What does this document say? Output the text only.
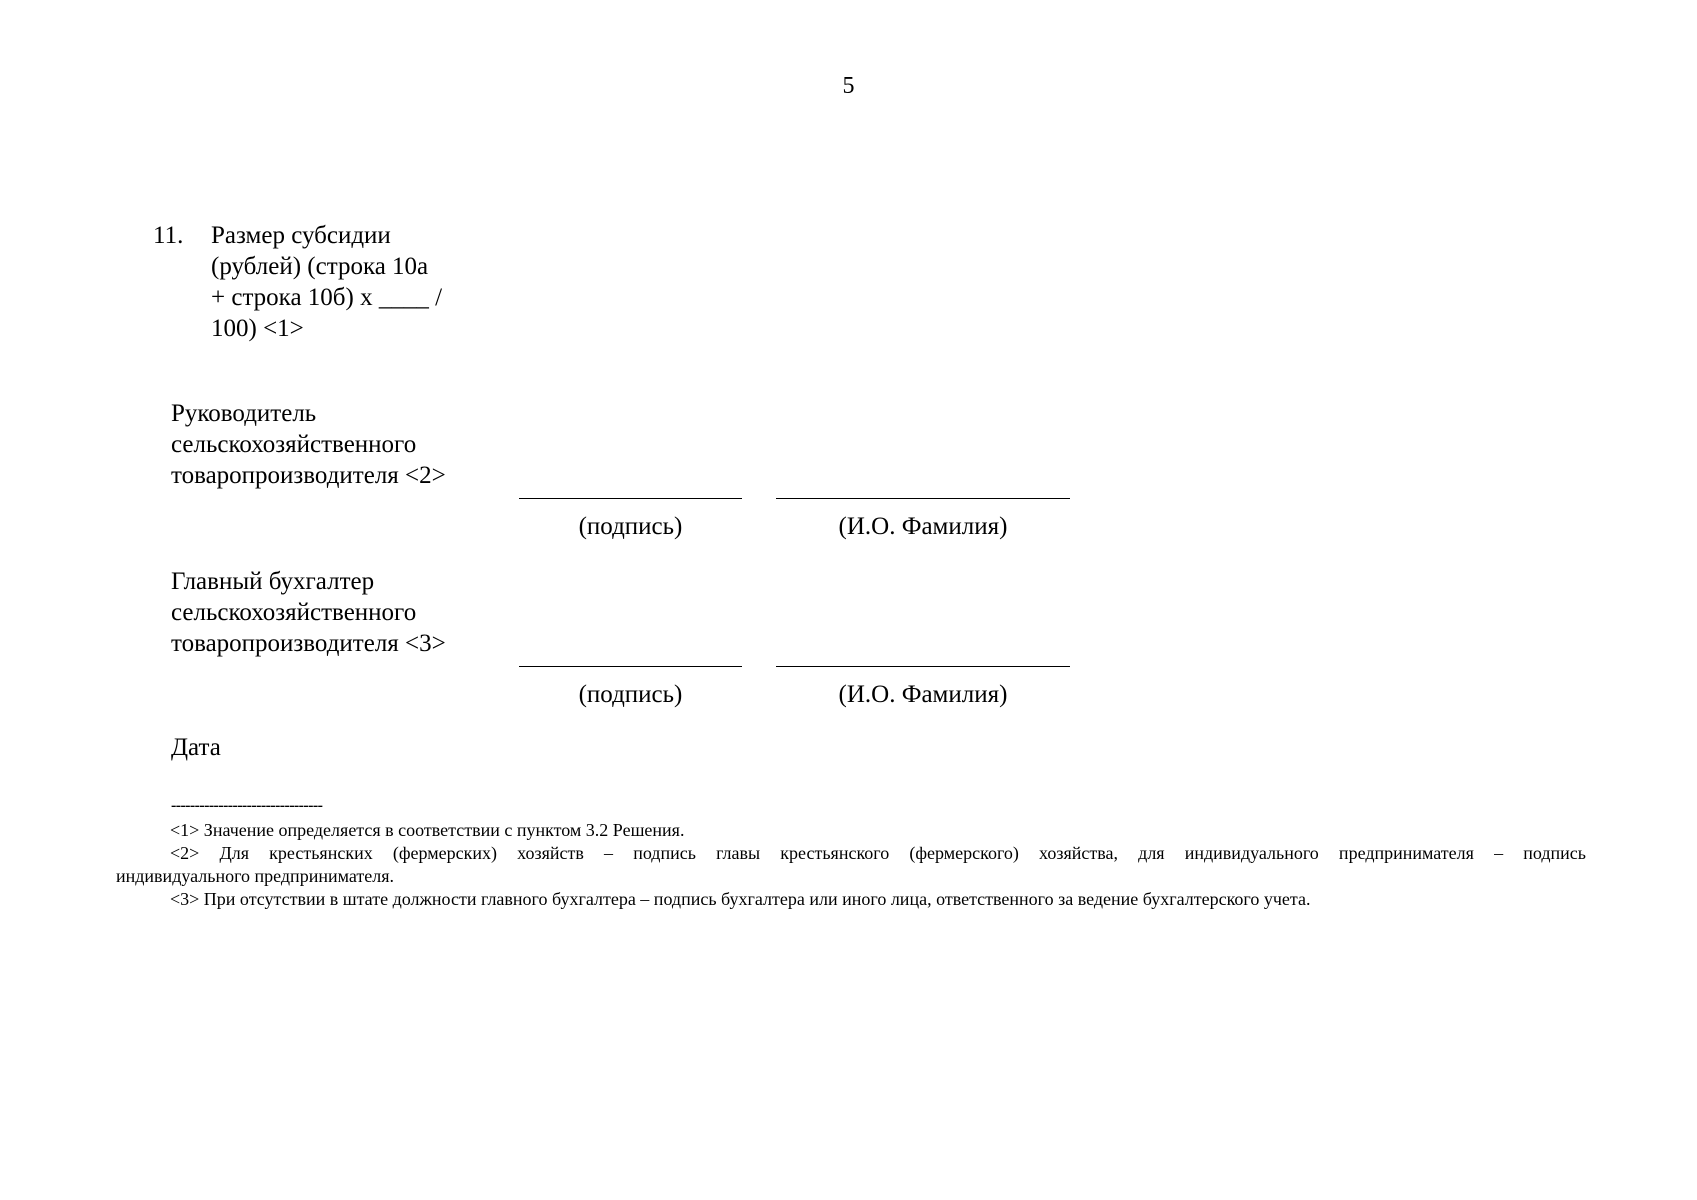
5
11. Размер субсидии
(рублей) (строка 10а
+ строка 10б) х ____ /
100) <1>
Руководитель
сельскохозяйственного
товаропроизводителя <2>
(подпись)	(И.О. Фамилия)
Главный бухгалтер
сельскохозяйственного
товаропроизводителя <3>
(подпись)	(И.О. Фамилия)
Дата
--------------------------------
<1> Значение определяется в соответствии с пунктом 3.2 Решения.
<2> Для крестьянских (фермерских) хозяйств – подпись главы крестьянского (фермерского) хозяйства, для индивидуального предпринимателя – подпись
индивидуального предпринимателя.
<3> При отсутствии в штате должности главного бухгалтера – подпись бухгалтера или иного лица, ответственного за ведение бухгалтерского учета.
